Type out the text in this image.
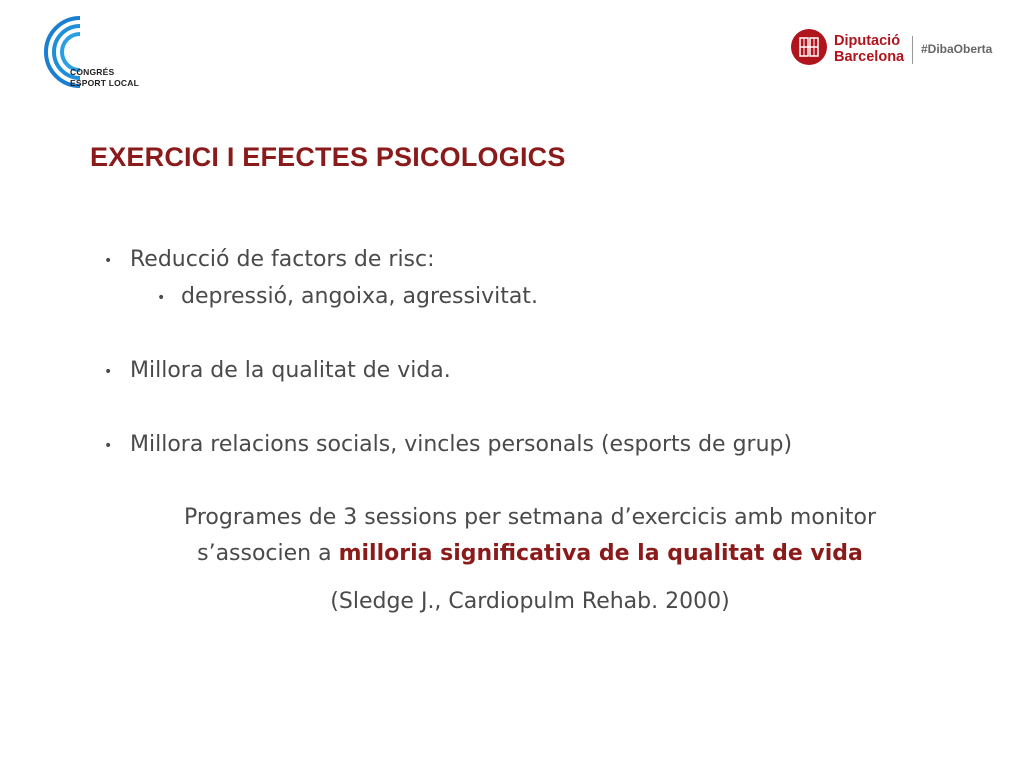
CONGRÉS
ESPORT LOCAL
Diputació
Barcelona #DibaOberta
EXERCICI I EFECTES PSICOLOGICS
• Reducció de factors de risc:
• depressió, angoixa, agressivitat.
• Millora de la qualitat de vida.
• Millora relacions socials, vincles personals (esports de grup)
Programes de 3 sessions per setmana d’exercicis amb monitor
s’associen a milloria significativa de la qualitat de vida
(Sledge J., Cardiopulm Rehab. 2000)
